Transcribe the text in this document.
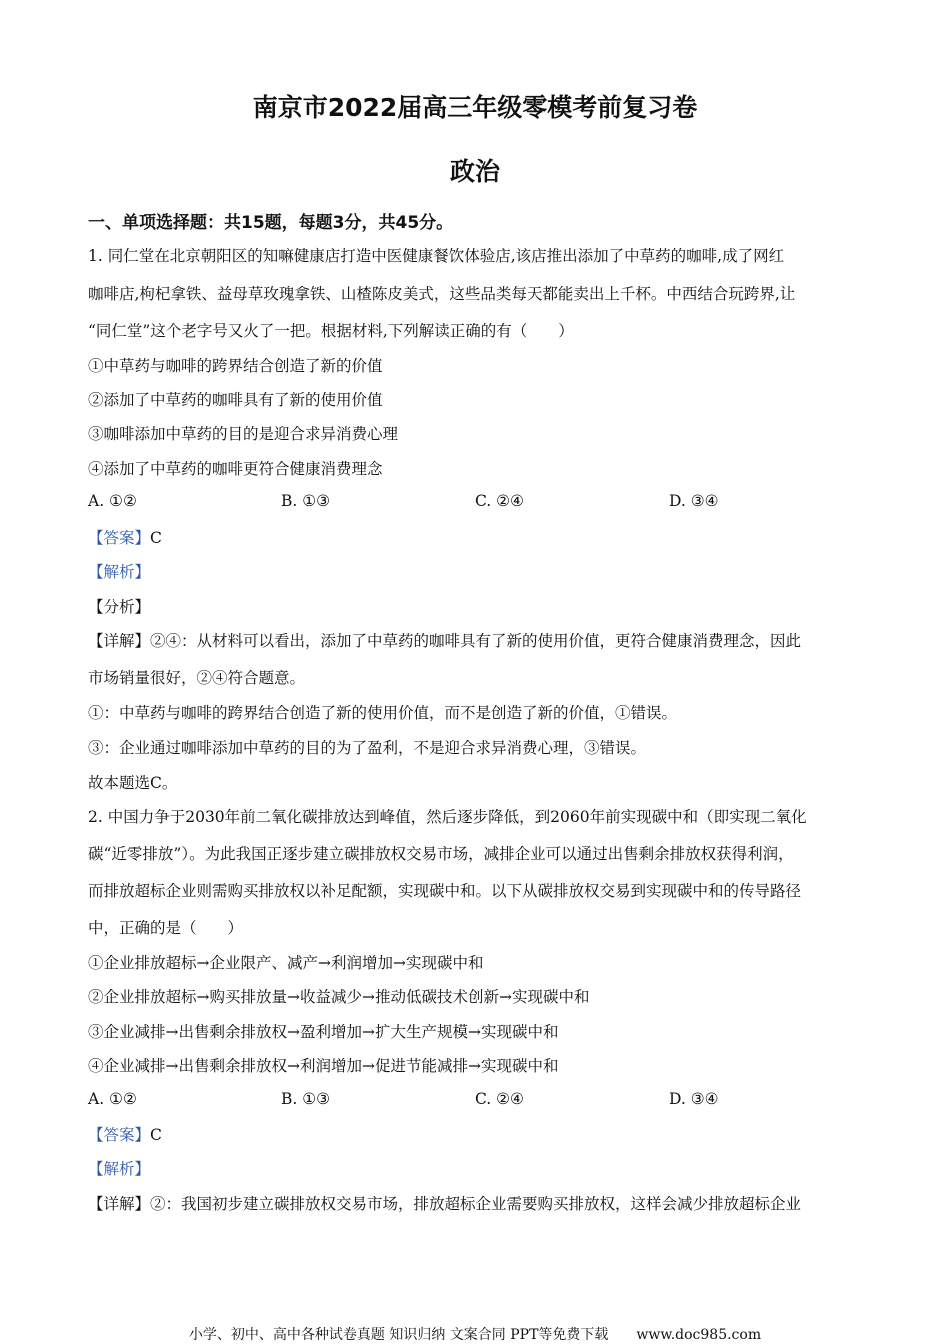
南京市2022届高三年级零模考前复习卷
政治
一、单项选择题：共15题，每题3分，共45分。
1. 同仁堂在北京朝阳区的知嘛健康店打造中医健康餐饮体验店,该店推出添加了中草药的咖啡,成了网红
咖啡店,枸杞拿铁、益母草玫瑰拿铁、山楂陈皮美式，这些品类每天都能卖出上千杯。中西结合玩跨界,让
“同仁堂”这个老字号又火了一把。根据材料,下列解读正确的有（　　）
①中草药与咖啡的跨界结合创造了新的价值
②添加了中草药的咖啡具有了新的使用价值
③咖啡添加中草药的目的是迎合求异消费心理
④添加了中草药的咖啡更符合健康消费理念
A. ①②	B. ①③	C. ②④	D. ③④
【答案】C
【解析】
【分析】
【详解】②④：从材料可以看出，添加了中草药的咖啡具有了新的使用价值，更符合健康消费理念，因此
市场销量很好，②④符合题意。
①：中草药与咖啡的跨界结合创造了新的使用价值，而不是创造了新的价值，①错误。
③：企业通过咖啡添加中草药的目的为了盈利，不是迎合求异消费心理，③错误。
故本题选C。
2. 中国力争于2030年前二氧化碳排放达到峰值，然后逐步降低，到2060年前实现碳中和（即实现二氧化
碳“近零排放”）。为此我国正逐步建立碳排放权交易市场，减排企业可以通过出售剩余排放权获得利润，
而排放超标企业则需购买排放权以补足配额，实现碳中和。以下从碳排放权交易到实现碳中和的传导路径
中，正确的是（　　）
①企业排放超标→企业限产、减产→利润增加→实现碳中和
②企业排放超标→购买排放量→收益减少→推动低碳技术创新→实现碳中和
③企业减排→出售剩余排放权→盈利增加→扩大生产规模→实现碳中和
④企业减排→出售剩余排放权→利润增加→促进节能减排→实现碳中和
A. ①②	B. ①③	C. ②④	D. ③④
【答案】C
【解析】
【详解】②：我国初步建立碳排放权交易市场，排放超标企业需要购买排放权，这样会减少排放超标企业
小学、初中、高中各种试卷真题 知识归纳 文案合同 PPT等免费下载　　www.doc985.com
